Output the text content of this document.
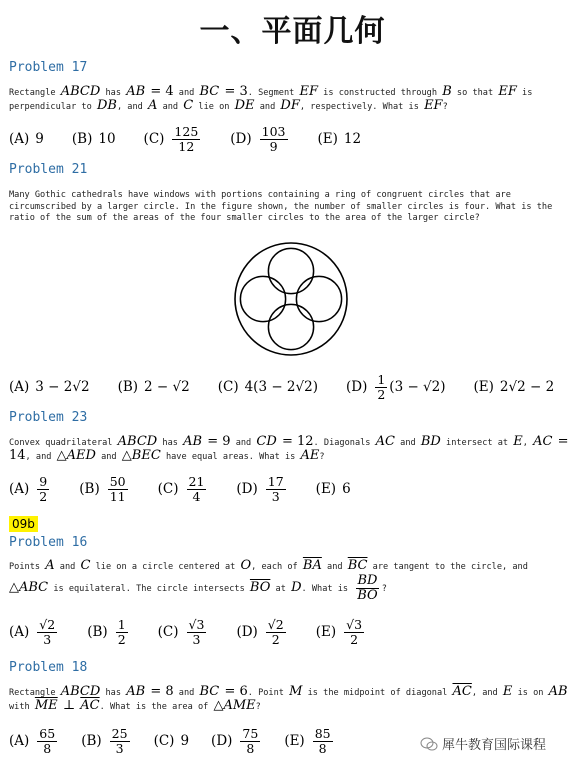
一、平面几何
Problem 17
Rectangle ABCD has AB = 4 and BC = 3. Segment EF is constructed through B so that EF is perpendicular to DB, and A and C lie on DE and DF, respectively. What is EF?
(A) 9 (B) 10 $(C) \frac{125}{12} (D) \frac{103}{9} (E)$ 12
Problem 21
Many Gothic cathedrals have windows with portions containing a ring of congruent circles that are circumscribed by a larger circle. In the figure shown, the number of smaller circles is four. What is the ratio of the sum of the areas of the four smaller circles to the area of the larger circle?
(A) 3 − 2√2 (B) 2 − √2 (C) 4(3 − 2√2) $(D) \frac{1}{2} (3 - √2)$ (E) 2√2 − 2
Problem 23
Convex quadrilateral ABCD has AB = 9 and CD = 12. Diagonals AC and BD intersect at E, AC = 14, and △AED and △BEC have equal areas. What is AE?
$(A) \frac{9}{2} (B) \frac{50}{11} (C) \frac{21}{4} (D) \frac{17}{3} (E)$ 6
09b
Problem 16
Points A and C lie on a circle centered at O, each of $\overline{BA}$ and $\overline{BC}$ are tangent to the circle, and △ABC is equilateral. The circle intersects $\overline{BO}$ at D. What is $\frac{BD}{BO}$ ?
$(A) \frac{√2}{3} (B) \frac{1}{2} (C) \frac{√3}{3} (D) \frac{√2}{2} (E) \frac{√3}{2}$
Problem 18
Rectangle ABCD has AB = 8 and BC = 6. Point M is the midpoint of diagonal $\overline{AC}$, and E is on AB with $\overline{ME}$ ⊥ $\overline{AC}$. What is the area of △AME?
$(A) \frac{65}{8} (B) \frac{25}{3} (C)$ 9 $(D) \frac{75}{8} (E) \frac{85}{8}$	犀牛教育国际课程
